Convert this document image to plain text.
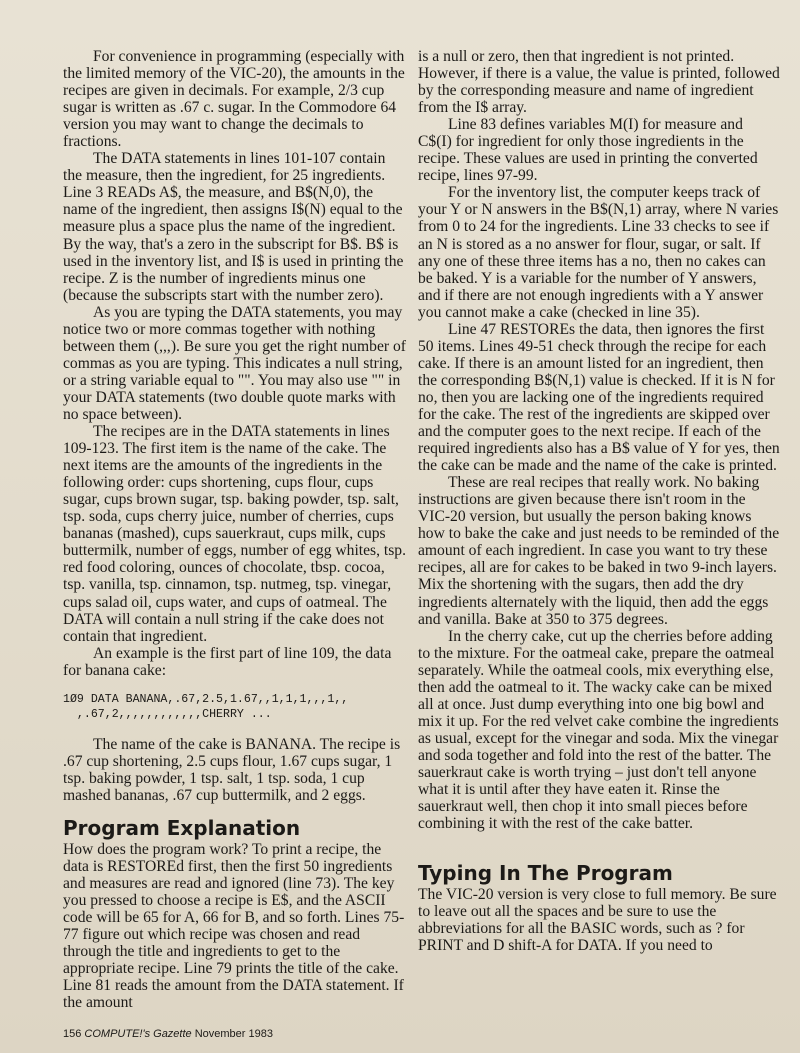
For convenience in programming (especially with the limited memory of the VIC-20), the amounts in the recipes are given in decimals. For example, 2/3 cup sugar is written as .67 c. sugar. In the Commodore 64 version you may want to change the decimals to fractions.

The DATA statements in lines 101-107 contain the measure, then the ingredient, for 25 ingredients. Line 3 READs A$, the measure, and B$(N,0), the name of the ingredient, then assigns I$(N) equal to the measure plus a space plus the name of the ingredient. By the way, that's a zero in the subscript for B$. B$ is used in the inventory list, and I$ is used in printing the recipe. Z is the number of ingredients minus one (because the subscripts start with the number zero).

As you are typing the DATA statements, you may notice two or more commas together with nothing between them (,,,). Be sure you get the right number of commas as you are typing. This indicates a null string, or a string variable equal to "". You may also use "" in your DATA statements (two double quote marks with no space between).

The recipes are in the DATA statements in lines 109-123. The first item is the name of the cake. The next items are the amounts of the ingredients in the following order: cups shortening, cups flour, cups sugar, cups brown sugar, tsp. baking powder, tsp. salt, tsp. soda, cups cherry juice, number of cherries, cups bananas (mashed), cups sauerkraut, cups milk, cups buttermilk, number of eggs, number of egg whites, tsp. red food coloring, ounces of chocolate, tbsp. cocoa, tsp. vanilla, tsp. cinnamon, tsp. nutmeg, tsp. vinegar, cups salad oil, cups water, and cups of oatmeal. The DATA will contain a null string if the cake does not contain that ingredient.

An example is the first part of line 109, the data for banana cake:

1Ø9 DATA BANANA,.67,2.5,1.67,,1,1,1,,,1,,
,.67,2,,,,,,,,,,,,CHERRY ...

The name of the cake is BANANA. The recipe is .67 cup shortening, 2.5 cups flour, 1.67 cups sugar, 1 tsp. baking powder, 1 tsp. salt, 1 tsp. soda, 1 cup mashed bananas, .67 cup buttermilk, and 2 eggs.

Program Explanation

How does the program work? To print a recipe, the data is RESTOREd first, then the first 50 ingredients and measures are read and ignored (line 73). The key you pressed to choose a recipe is E$, and the ASCII code will be 65 for A, 66 for B, and so forth. Lines 75-77 figure out which recipe was chosen and read through the title and ingredients to get to the appropriate recipe. Line 79 prints the title of the cake. Line 81 reads the amount from the DATA statement. If the amount

is a null or zero, then that ingredient is not printed. However, if there is a value, the value is printed, followed by the corresponding measure and name of ingredient from the I$ array.

Line 83 defines variables M(I) for measure and C$(I) for ingredient for only those ingredients in the recipe. These values are used in printing the converted recipe, lines 97-99.

For the inventory list, the computer keeps track of your Y or N answers in the B$(N,1) array, where N varies from 0 to 24 for the ingredients. Line 33 checks to see if an N is stored as a no answer for flour, sugar, or salt. If any one of these three items has a no, then no cakes can be baked. Y is a variable for the number of Y answers, and if there are not enough ingredients with a Y answer you cannot make a cake (checked in line 35).

Line 47 RESTOREs the data, then ignores the first 50 items. Lines 49-51 check through the recipe for each cake. If there is an amount listed for an ingredient, then the corresponding B$(N,1) value is checked. If it is N for no, then you are lacking one of the ingredients required for the cake. The rest of the ingredients are skipped over and the computer goes to the next recipe. If each of the required ingredients also has a B$ value of Y for yes, then the cake can be made and the name of the cake is printed.

These are real recipes that really work. No baking instructions are given because there isn't room in the VIC-20 version, but usually the person baking knows how to bake the cake and just needs to be reminded of the amount of each ingredient. In case you want to try these recipes, all are for cakes to be baked in two 9-inch layers. Mix the shortening with the sugars, then add the dry ingredients alternately with the liquid, then add the eggs and vanilla. Bake at 350 to 375 degrees.

In the cherry cake, cut up the cherries before adding to the mixture. For the oatmeal cake, prepare the oatmeal separately. While the oatmeal cools, mix everything else, then add the oatmeal to it. The wacky cake can be mixed all at once. Just dump everything into one big bowl and mix it up. For the red velvet cake combine the ingredients as usual, except for the vinegar and soda. Mix the vinegar and soda together and fold into the rest of the batter. The sauerkraut cake is worth trying – just don't tell anyone what it is until after they have eaten it. Rinse the sauerkraut well, then chop it into small pieces before combining it with the rest of the cake batter.

Typing In The Program

The VIC-20 version is very close to full memory. Be sure to leave out all the spaces and be sure to use the abbreviations for all the BASIC words, such as ? for PRINT and D shift-A for DATA. If you need to

156 COMPUTE!'s Gazette November 1983
